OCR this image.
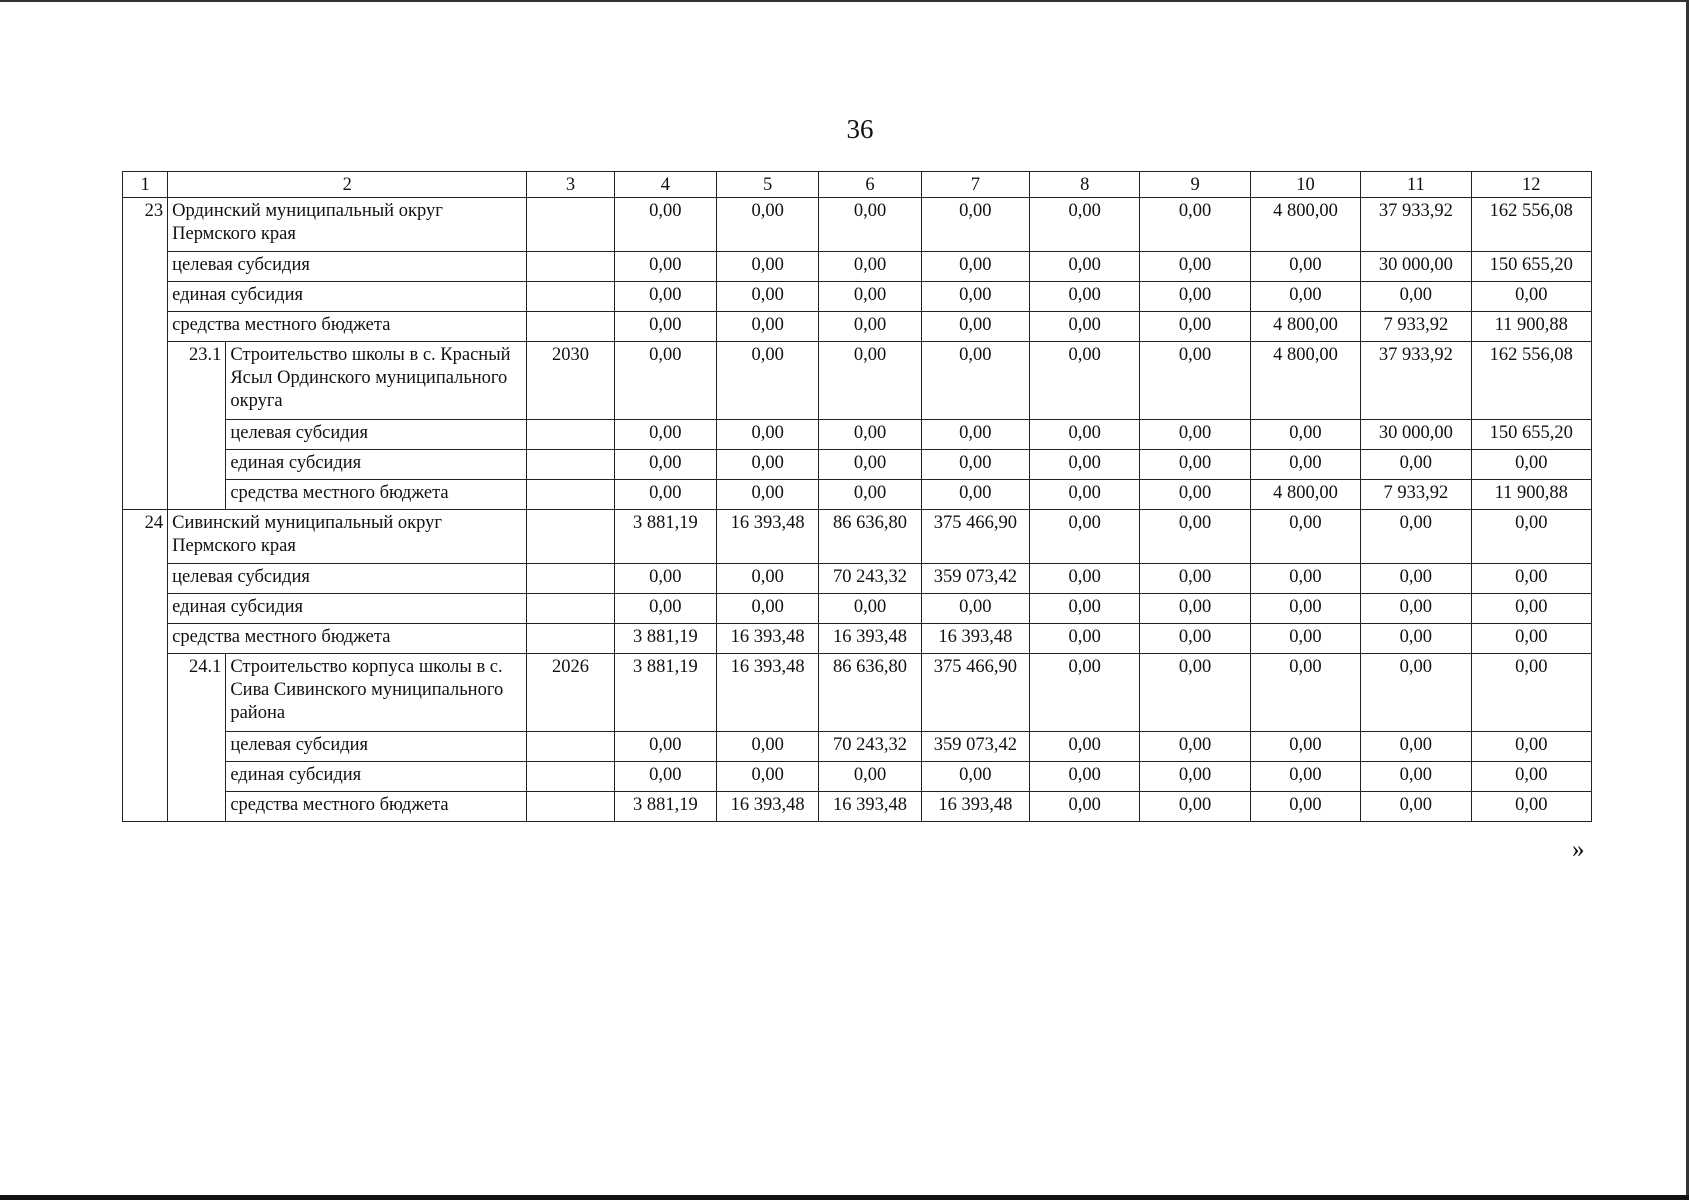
36
1	2		3	4	5	6	7	8	9	10	11	12
23	Ординский муниципальный округ Пермского края			0,00	0,00	0,00	0,00	0,00	0,00	4 800,00	37 933,92	162 556,08
	целевая субсидия			0,00	0,00	0,00	0,00	0,00	0,00	0,00	30 000,00	150 655,20
	единая субсидия			0,00	0,00	0,00	0,00	0,00	0,00	0,00	0,00	0,00
	средства местного бюджета			0,00	0,00	0,00	0,00	0,00	0,00	4 800,00	7 933,92	11 900,88
	23.1	Строительство школы в с. Красный Ясыл Ординского муниципального округа	2030	0,00	0,00	0,00	0,00	0,00	0,00	4 800,00	37 933,92	162 556,08
		целевая субсидия		0,00	0,00	0,00	0,00	0,00	0,00	0,00	30 000,00	150 655,20
		единая субсидия		0,00	0,00	0,00	0,00	0,00	0,00	0,00	0,00	0,00
		средства местного бюджета		0,00	0,00	0,00	0,00	0,00	0,00	4 800,00	7 933,92	11 900,88
24	Сивинский муниципальный округ Пермского края			3 881,19	16 393,48	86 636,80	375 466,90	0,00	0,00	0,00	0,00	0,00
	целевая субсидия			0,00	0,00	70 243,32	359 073,42	0,00	0,00	0,00	0,00	0,00
	единая субсидия			0,00	0,00	0,00	0,00	0,00	0,00	0,00	0,00	0,00
	средства местного бюджета			3 881,19	16 393,48	16 393,48	16 393,48	0,00	0,00	0,00	0,00	0,00
	24.1	Строительство корпуса школы в с. Сива Сивинского муниципального района	2026	3 881,19	16 393,48	86 636,80	375 466,90	0,00	0,00	0,00	0,00	0,00
		целевая субсидия		0,00	0,00	70 243,32	359 073,42	0,00	0,00	0,00	0,00	0,00
		единая субсидия		0,00	0,00	0,00	0,00	0,00	0,00	0,00	0,00	0,00
		средства местного бюджета		3 881,19	16 393,48	16 393,48	16 393,48	0,00	0,00	0,00	0,00	0,00
»
